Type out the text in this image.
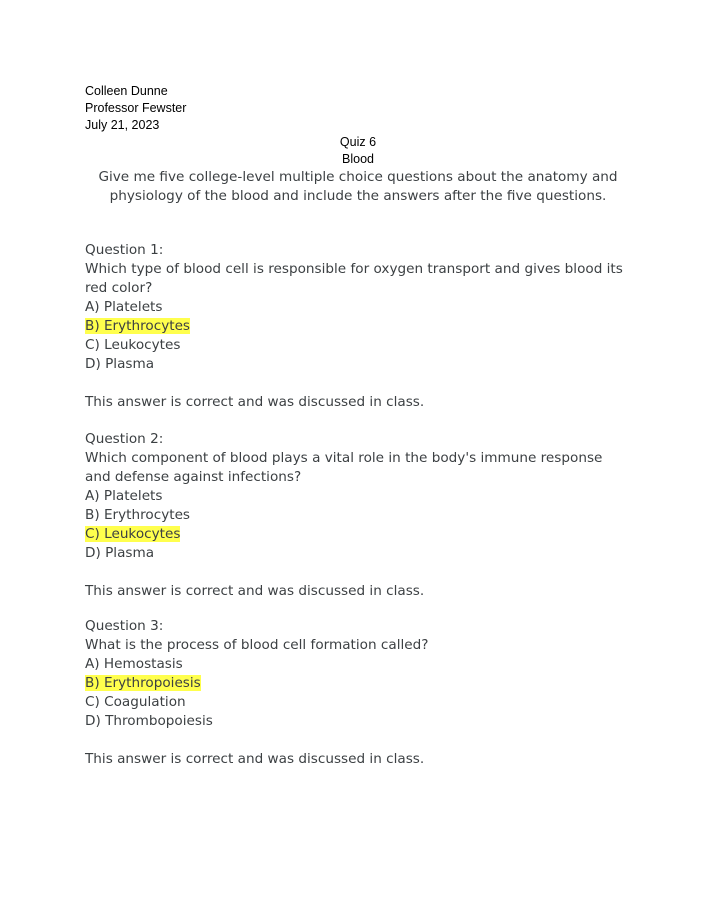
Colleen Dunne
Professor Fewster
July 21, 2023
Quiz 6
Blood
Give me five college-level multiple choice questions about the anatomy and physiology of the blood and include the answers after the five questions.
Question 1:
Which type of blood cell is responsible for oxygen transport and gives blood its red color?
A) Platelets
B) Erythrocytes
C) Leukocytes
D) Plasma
This answer is correct and was discussed in class.
Question 2:
Which component of blood plays a vital role in the body's immune response and defense against infections?
A) Platelets
B) Erythrocytes
C) Leukocytes
D) Plasma
This answer is correct and was discussed in class.
Question 3:
What is the process of blood cell formation called?
A) Hemostasis
B) Erythropoiesis
C) Coagulation
D) Thrombopoiesis
This answer is correct and was discussed in class.
